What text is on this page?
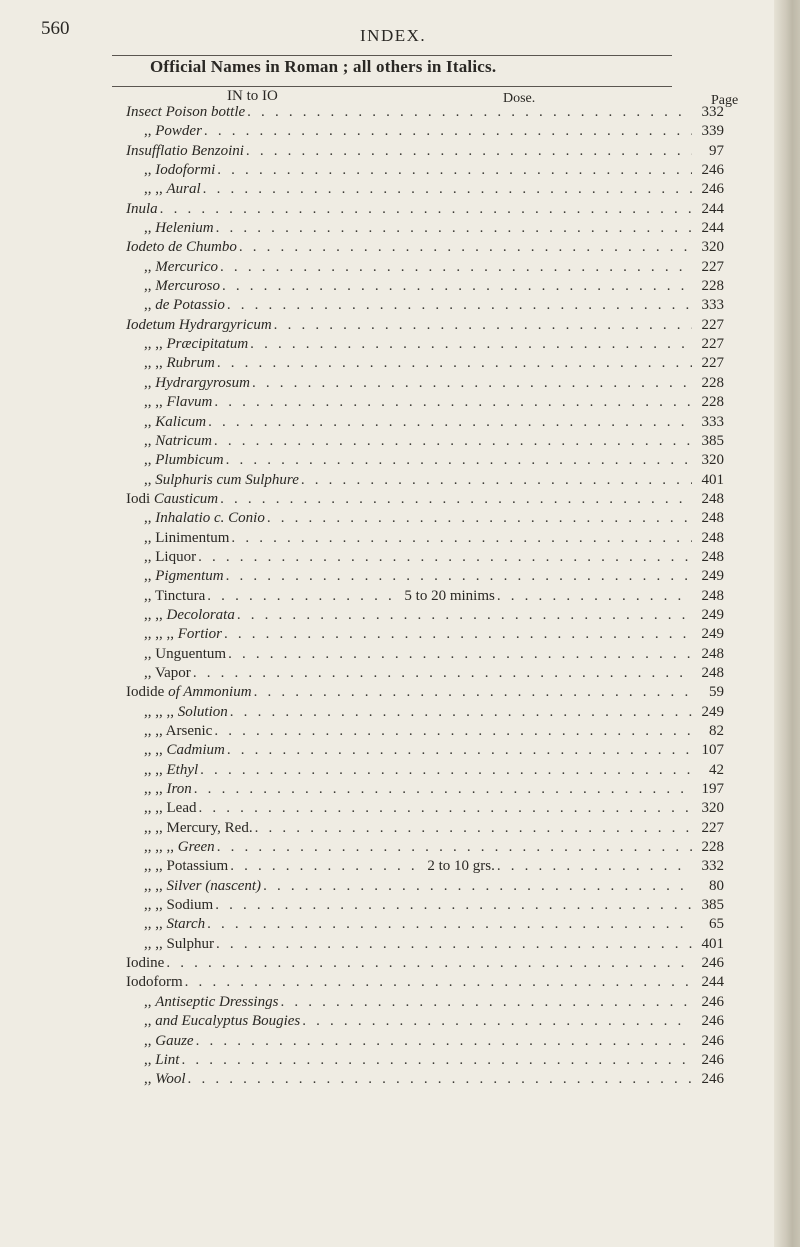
560	INDEX.
Official Names in Roman ; all others in Italics.
IN to IO	Dose.	Page
Insect Poison bottle . . .	332
,, Powder . . .	339
Insufflatio Benzoini . . .	97
,, Iodoformi . . .	246
,, ,, Aural . . .	246
Inula . . .	244
,, Helenium . . .	244
Iodeto de Chumbo . . .	320
,, Mercurico . . .	227
,, Mercuroso . . .	228
,, de Potassio . . .	333
Iodetum Hydrargyricum . . .	227
,, ,, Præcipitatum . . .	227
,, ,, Rubrum . . .	227
,, Hydrargyrosum . . .	228
,, ,, Flavum . . .	228
,, Kalicum . . .	333
,, Natricum . . .	385
,, Plumbicum . . .	320
,, Sulphuris cum Sulphure . . .	401
Iodi Causticum . . .	248
,, Inhalatio c. Conio . . .	248
,, Linimentum . . .	248
,, Liquor . . .	248
,, Pigmentum . . .	249
,, Tinctura . . .	5 to 20 minims . . .	248
,, ,, Decolorata . . .	249
,, ,, ,, Fortior . . .	249
,, Unguentum . . .	248
,, Vapor . . .	248
Iodide of Ammonium . . .	59
,, ,, ,, Solution . . .	249
,, ,, Arsenic . . .	82
,, ,, Cadmium . . .	107
,, ,, Ethyl . . .	42
,, ,, Iron . . .	197
,, ,, Lead . . .	320
,, ,, Mercury, Red. . . .	227
,, ,, ,, Green . . .	228
,, ,, Potassium . . .	2 to 10 grs. . . .	332
,, ,, Silver (nascent) . . .	80
,, ,, Sodium . . .	385
,, ,, Starch . . .	65
,, ,, Sulphur . . .	401
Iodine . . .	246
Iodoform . . .	244
,, Antiseptic Dressings . . .	246
,, and Eucalyptus Bougies . . .	246
,, Gauze . . .	246
,, Lint . . .	246
,, Wool . . .	246
